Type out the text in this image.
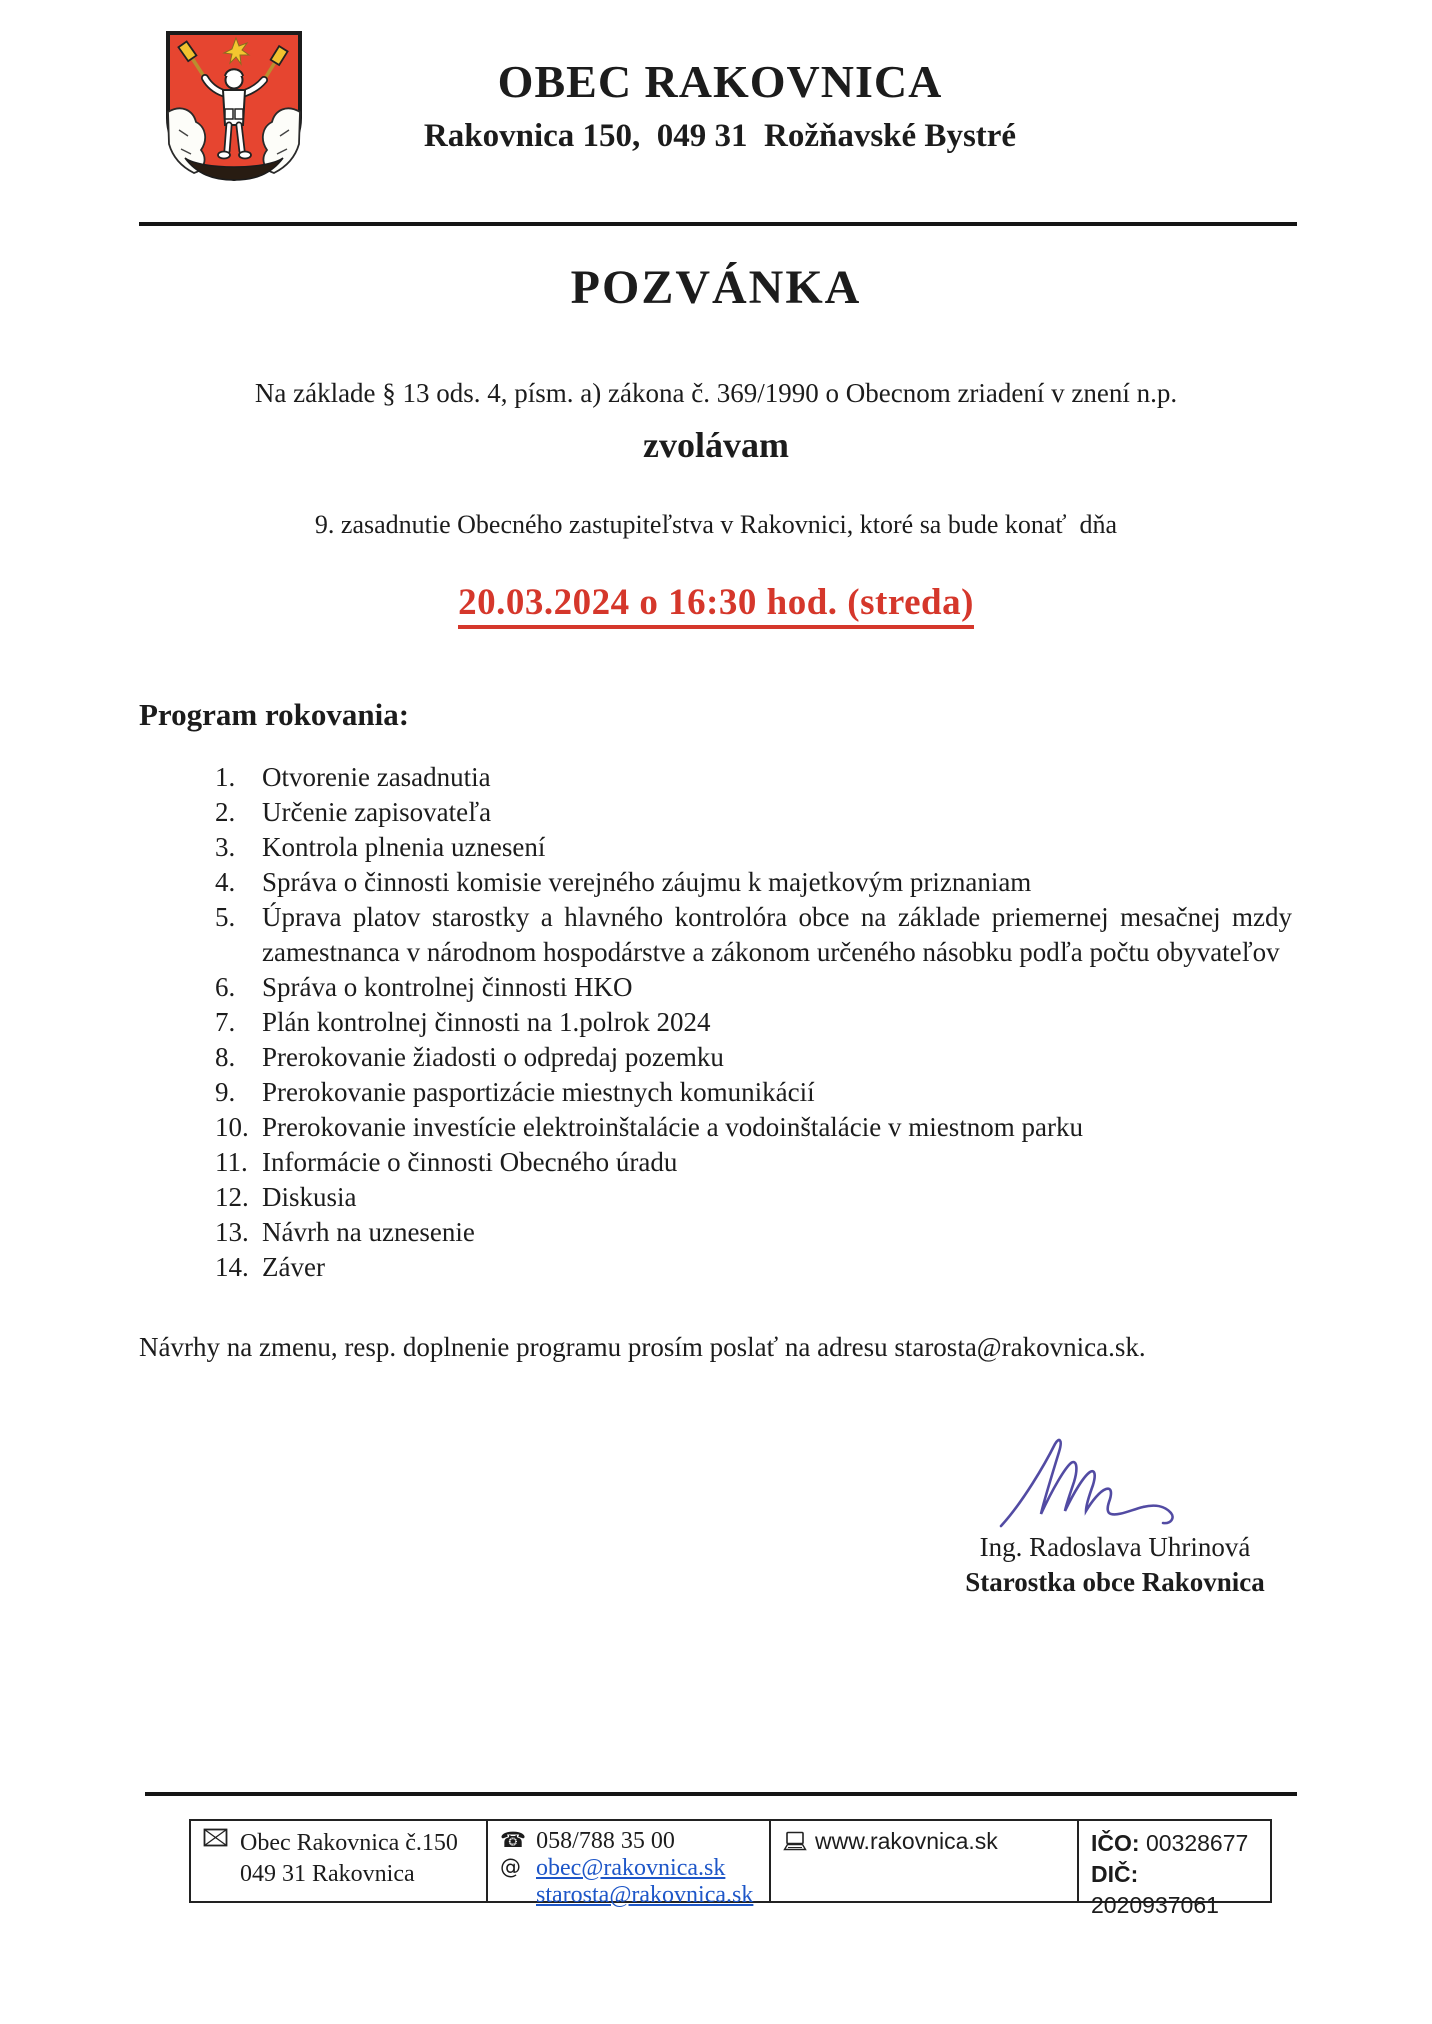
OBEC RAKOVNICA
Rakovnica 150,  049 31  Rožňavské Bystré
POZVÁNKA
Na základe § 13 ods. 4, písm. a) zákona č. 369/1990 o Obecnom zriadení v znení n.p.
zvolávam
9. zasadnutie Obecného zastupiteľstva v Rakovnici, ktoré sa bude konať  dňa
20.03.2024 o 16:30 hod. (streda)
Program rokovania:
1. Otvorenie zasadnutia
2. Určenie zapisovateľa
3. Kontrola plnenia uznesení
4. Správa o činnosti komisie verejného záujmu k majetkovým priznaniam
5. Úprava platov starostky a hlavného kontrolóra obce na základe priemernej mesačnej mzdy zamestnanca v národnom hospodárstve a zákonom určeného násobku podľa počtu obyvateľov
6. Správa o kontrolnej činnosti HKO
7. Plán kontrolnej činnosti na 1.polrok 2024
8. Prerokovanie žiadosti o odpredaj pozemku
9. Prerokovanie pasportizácie miestnych komunikácií
10. Prerokovanie investície elektroinštalácie a vodoinštalácie v miestnom parku
11. Informácie o činnosti Obecného úradu
12. Diskusia
13. Návrh na uznesenie
14. Záver
Návrhy na zmenu, resp. doplnenie programu prosím poslať na adresu starosta@rakovnica.sk.
Ing. Radoslava Uhrinová
Starostka obce Rakovnica
Obec Rakovnica č.150
049 31 Rakovnica
☎ 058/788 35 00
@ obec@rakovnica.sk
starosta@rakovnica.sk
www.rakovnica.sk	IČO: 00328677
DIČ: 2020937061
